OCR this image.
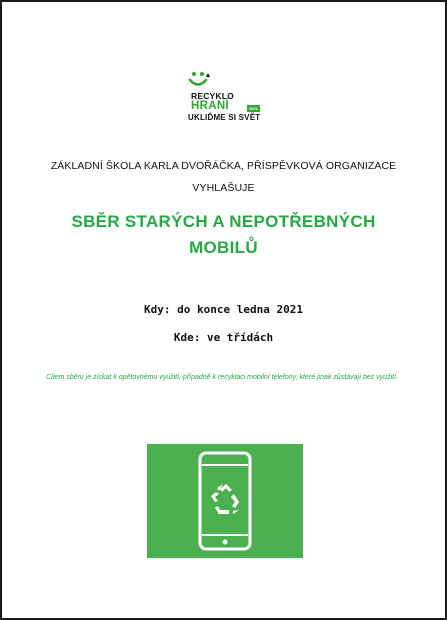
RECYKLO
HRANÍ	2021
UKLIĎME SI SVĚT
ZÁKLADNÍ ŠKOLA KARLA DVOŘÁČKA, PŘÍSPĚVKOVÁ ORGANIZACE
VYHLAŠUJE
SBĚR STARÝCH A NEPOTŘEBNÝCH
MOBILŮ
Kdy: do konce ledna 2021
Kde: ve třídách
Cílem sběru je získat k opětovnému využití, případně k recyklaci mobilní telefony, které jinak zůstávají bez využití.
